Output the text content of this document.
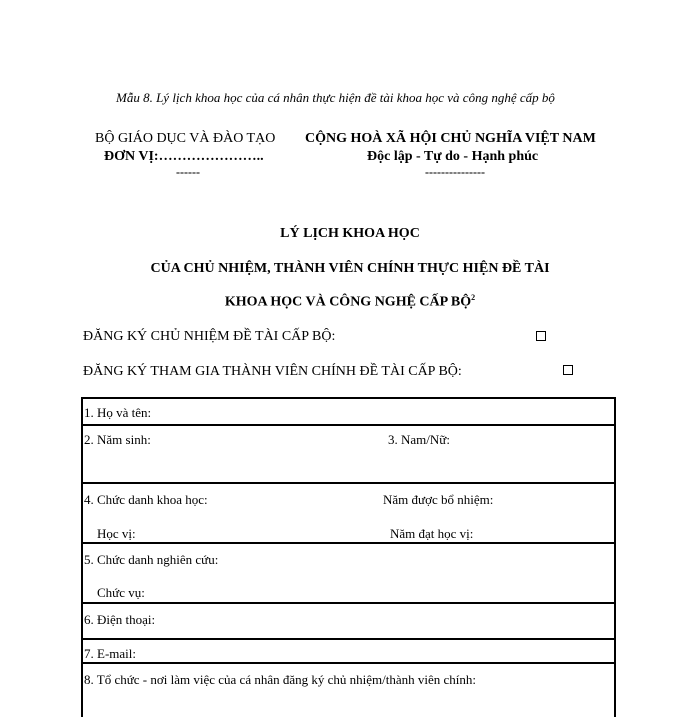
Mẫu 8. Lý lịch khoa học của cá nhân thực hiện đề tài khoa học và công nghệ cấp bộ
BỘ GIÁO DỤC VÀ ĐÀO TẠO
ĐƠN VỊ:…………………..
------
CỘNG HOÀ XÃ HỘI CHỦ NGHĨA VIỆT NAM
Độc lập - Tự do - Hạnh phúc
---------------
LÝ LỊCH KHOA HỌC
CỦA CHỦ NHIỆM, THÀNH VIÊN CHÍNH THỰC HIỆN ĐỀ TÀI
KHOA HỌC VÀ CÔNG NGHỆ CẤP BỘ$^2$
ĐĂNG KÝ CHỦ NHIỆM ĐỀ TÀI CẤP BỘ:
ĐĂNG KÝ THAM GIA THÀNH VIÊN CHÍNH ĐỀ TÀI CẤP BỘ:
1. Họ và tên:
2. Năm sinh:	3. Nam/Nữ:
4. Chức danh khoa học:	Năm được bổ nhiệm:
Học vị:	Năm đạt học vị:
5. Chức danh nghiên cứu:
Chức vụ:
6. Điện thoại:
7. E-mail:
8. Tổ chức - nơi làm việc của cá nhân đăng ký chủ nhiệm/thành viên chính:
